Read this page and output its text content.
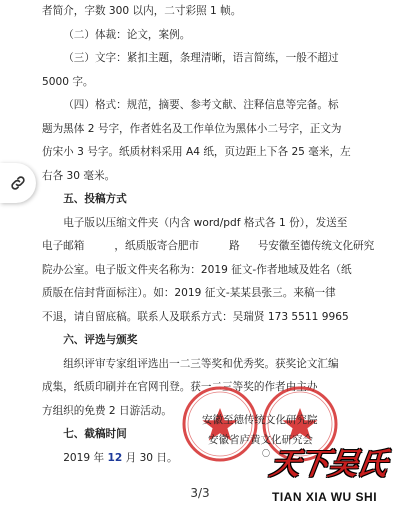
者简介，字数 300 以内，二寸彩照 1 帧。

（二）体裁：论文，案例。

（三）文字：紧扣主题，条理清晰，语言简练，一般不超过

5000 字。

（四）格式：规范，摘要、参考文献、注释信息等完备。标

题为黑体 2 号字，作者姓名及工作单位为黑体小二号字，正文为

仿宋小 3 号字。纸质材料采用 A4 纸，页边距上下各 25 毫米，左

右各 30 毫米。

五、投稿方式

电子版以压缩文件夹（内含 word/pdf 格式各 1 份），发送至

电子邮箱	，纸质版寄合肥市	路 号安徽至德传统文化研究

院办公室。电子版文件夹名称为：2019 征文-作者地域及姓名（纸

质版在信封背面标注）。如：2019 征文-某某县张三。来稿一律

不退，请自留底稿。联系人及联系方式：吴瑞贤 173 5511 9965

六、评选与颁奖

组织评审专家组评选出一二三等奖和优秀奖。获奖论文汇编

成集，纸质印刷并在官网刊登。获一二三等奖的作者由主办

方组织的免费 2 日游活动。

七、截稿时间

2019 年 12 月 30 日。

安徽至德传统文化研究院
安徽省庐黄文化研究会
〇
天下吴氏
TIAN XIA WU SHI
3/3
